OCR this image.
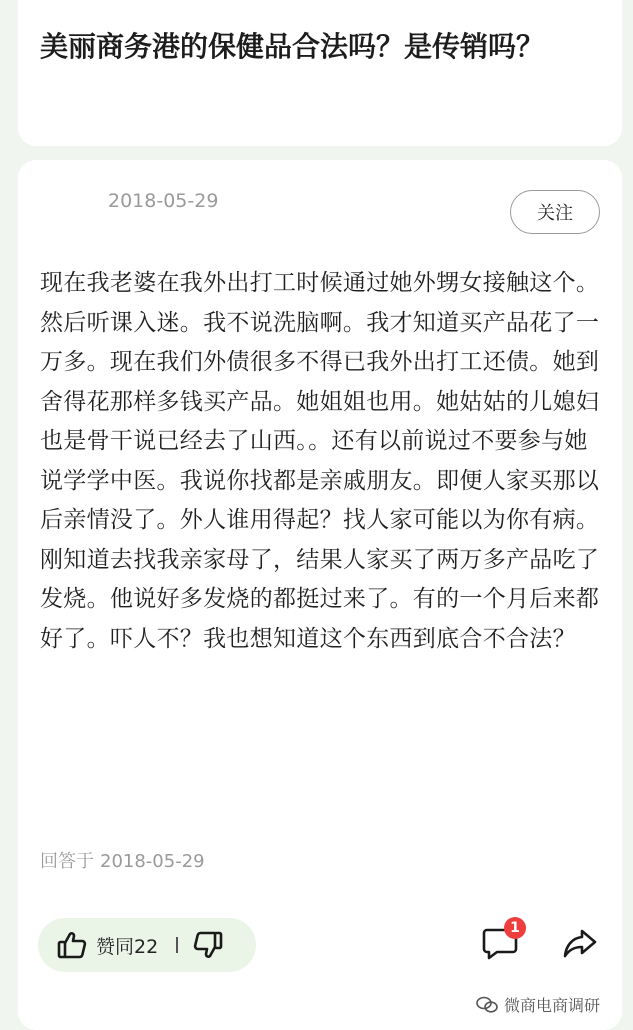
美丽商务港的保健品合法吗？是传销吗？
2018-05-29
关注

现在我老婆在我外出打工时候通过她外甥女接触这个。然后听课入迷。我不说洗脑啊。我才知道买产品花了一万多。现在我们外债很多不得已我外出打工还债。她到舍得花那样多钱买产品。她姐姐也用。她姑姑的儿媳妇也是骨干说已经去了山西。。还有以前说过不要参与她说学学中医。我说你找都是亲戚朋友。即便人家买那以后亲情没了。外人谁用得起？找人家可能以为你有病。刚知道去找我亲家母了，结果人家买了两万多产品吃了发烧。他说好多发烧的都挺过来了。有的一个月后来都好了。吓人不？我也想知道这个东西到底合不合法？

回答于 2018-05-29
赞同22
1
微商电商调研
